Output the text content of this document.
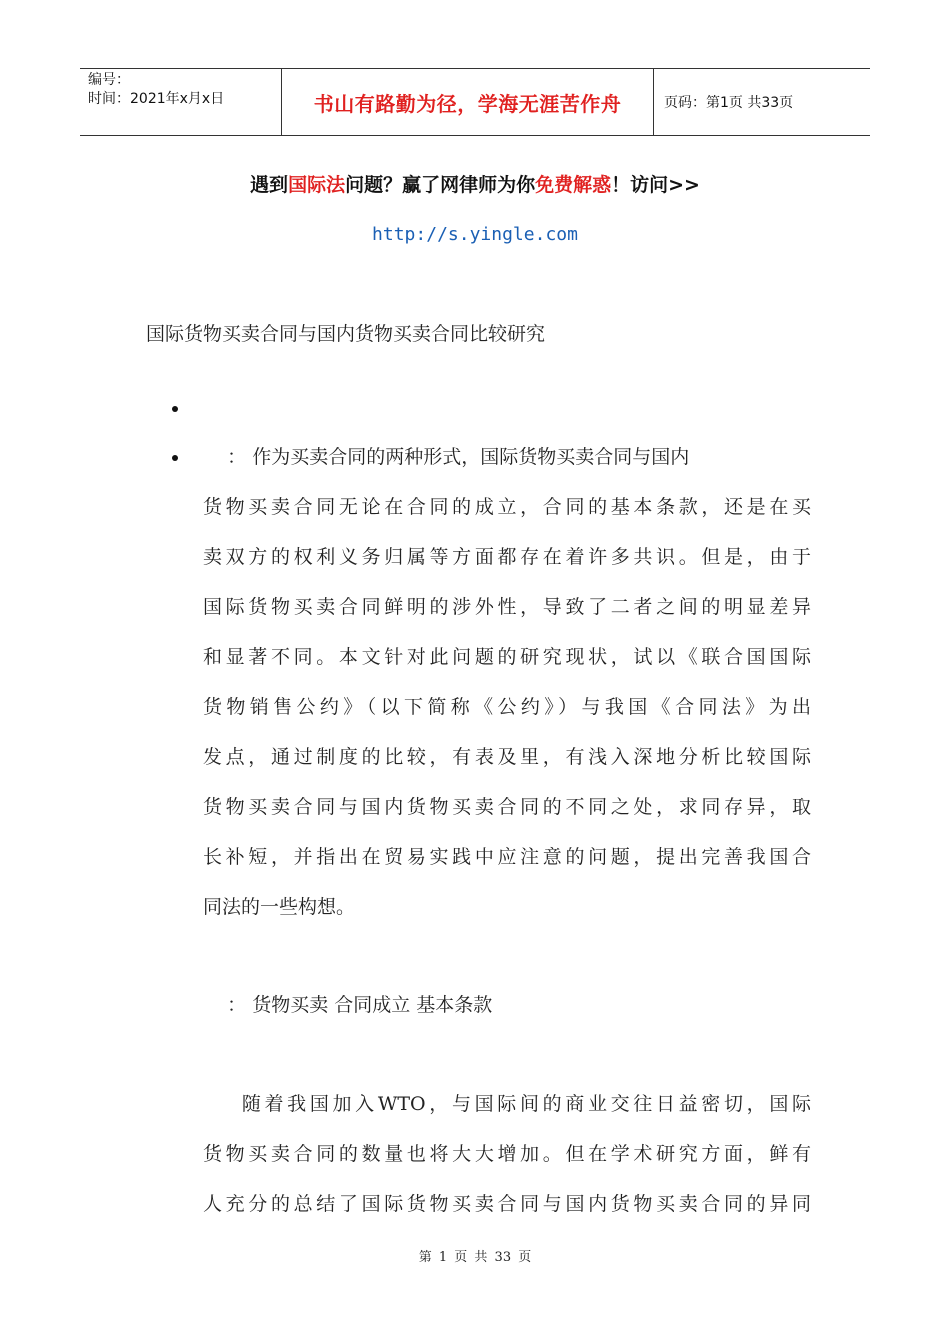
编号：
时间：2021年x月x日	书山有路勤为径，学海无涯苦作舟	页码：第1页 共33页
遇到国际法问题？赢了网律师为你免费解惑！访问>>
http://s.yingle.com
国际货物买卖合同与国内货物买卖合同比较研究
： 作为买卖合同的两种形式，国际货物买卖合同与国内
货物买卖合同无论在合同的成立，合同的基本条款，还是在买
卖双方的权利义务归属等方面都存在着许多共识。但是，由于
国际货物买卖合同鲜明的涉外性，导致了二者之间的明显差异
和显著不同。本文针对此问题的研究现状，试以《联合国国际
货物销售公约》（以下简称《公约》）与我国《合同法》为出
发点，通过制度的比较，有表及里，有浅入深地分析比较国际
货物买卖合同与国内货物买卖合同的不同之处，求同存异，取
长补短，并指出在贸易实践中应注意的问题，提出完善我国合
同法的一些构想。
： 货物买卖 合同成立 基本条款
随着我国加入WTO，与国际间的商业交往日益密切，国际
货物买卖合同的数量也将大大增加。但在学术研究方面，鲜有
人充分的总结了国际货物买卖合同与国内货物买卖合同的异同
第 1 页 共 33 页
